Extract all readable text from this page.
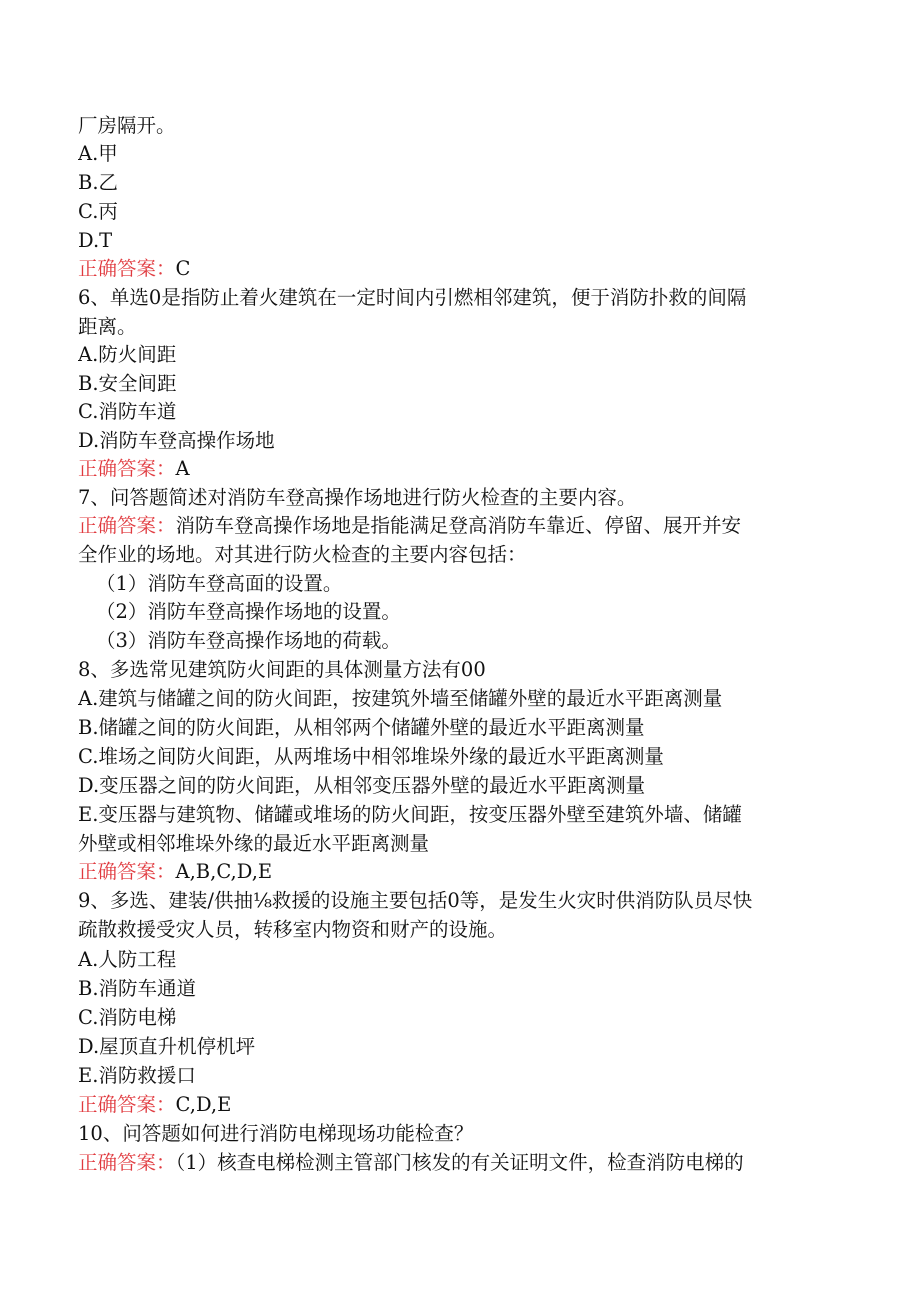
厂房隔开。
A.甲
B.乙
C.丙
D.T
正确答案：C
6、单选0是指防止着火建筑在一定时间内引燃相邻建筑，便于消防扑救的间隔
距离。
A.防火间距
B.安全间距
C.消防车道
D.消防车登高操作场地
正确答案：A
7、问答题简述对消防车登高操作场地进行防火检查的主要内容。
正确答案：消防车登高操作场地是指能满足登高消防车靠近、停留、展开并安
全作业的场地。对其进行防火检查的主要内容包括：
（1）消防车登高面的设置。
（2）消防车登高操作场地的设置。
（3）消防车登高操作场地的荷载。
8、多选常见建筑防火间距的具体测量方法有00
A.建筑与储罐之间的防火间距，按建筑外墙至储罐外壁的最近水平距离测量
B.储罐之间的防火间距，从相邻两个储罐外壁的最近水平距离测量
C.堆场之间防火间距，从两堆场中相邻堆垛外缘的最近水平距离测量
D.变压器之间的防火间距，从相邻变压器外壁的最近水平距离测量
E.变压器与建筑物、储罐或堆场的防火间距，按变压器外壁至建筑外墙、储罐
外壁或相邻堆垛外缘的最近水平距离测量
正确答案：A,B,C,D,E
9、多选、建装/供抽⅛救援的设施主要包括0等，是发生火灾时供消防队员尽快
疏散救援受灾人员，转移室内物资和财产的设施。
A.人防工程
B.消防车通道
C.消防电梯
D.屋顶直升机停机坪
E.消防救援口
正确答案：C,D,E
10、问答题如何进行消防电梯现场功能检查？
正确答案：（1）核查电梯检测主管部门核发的有关证明文件，检查消防电梯的
